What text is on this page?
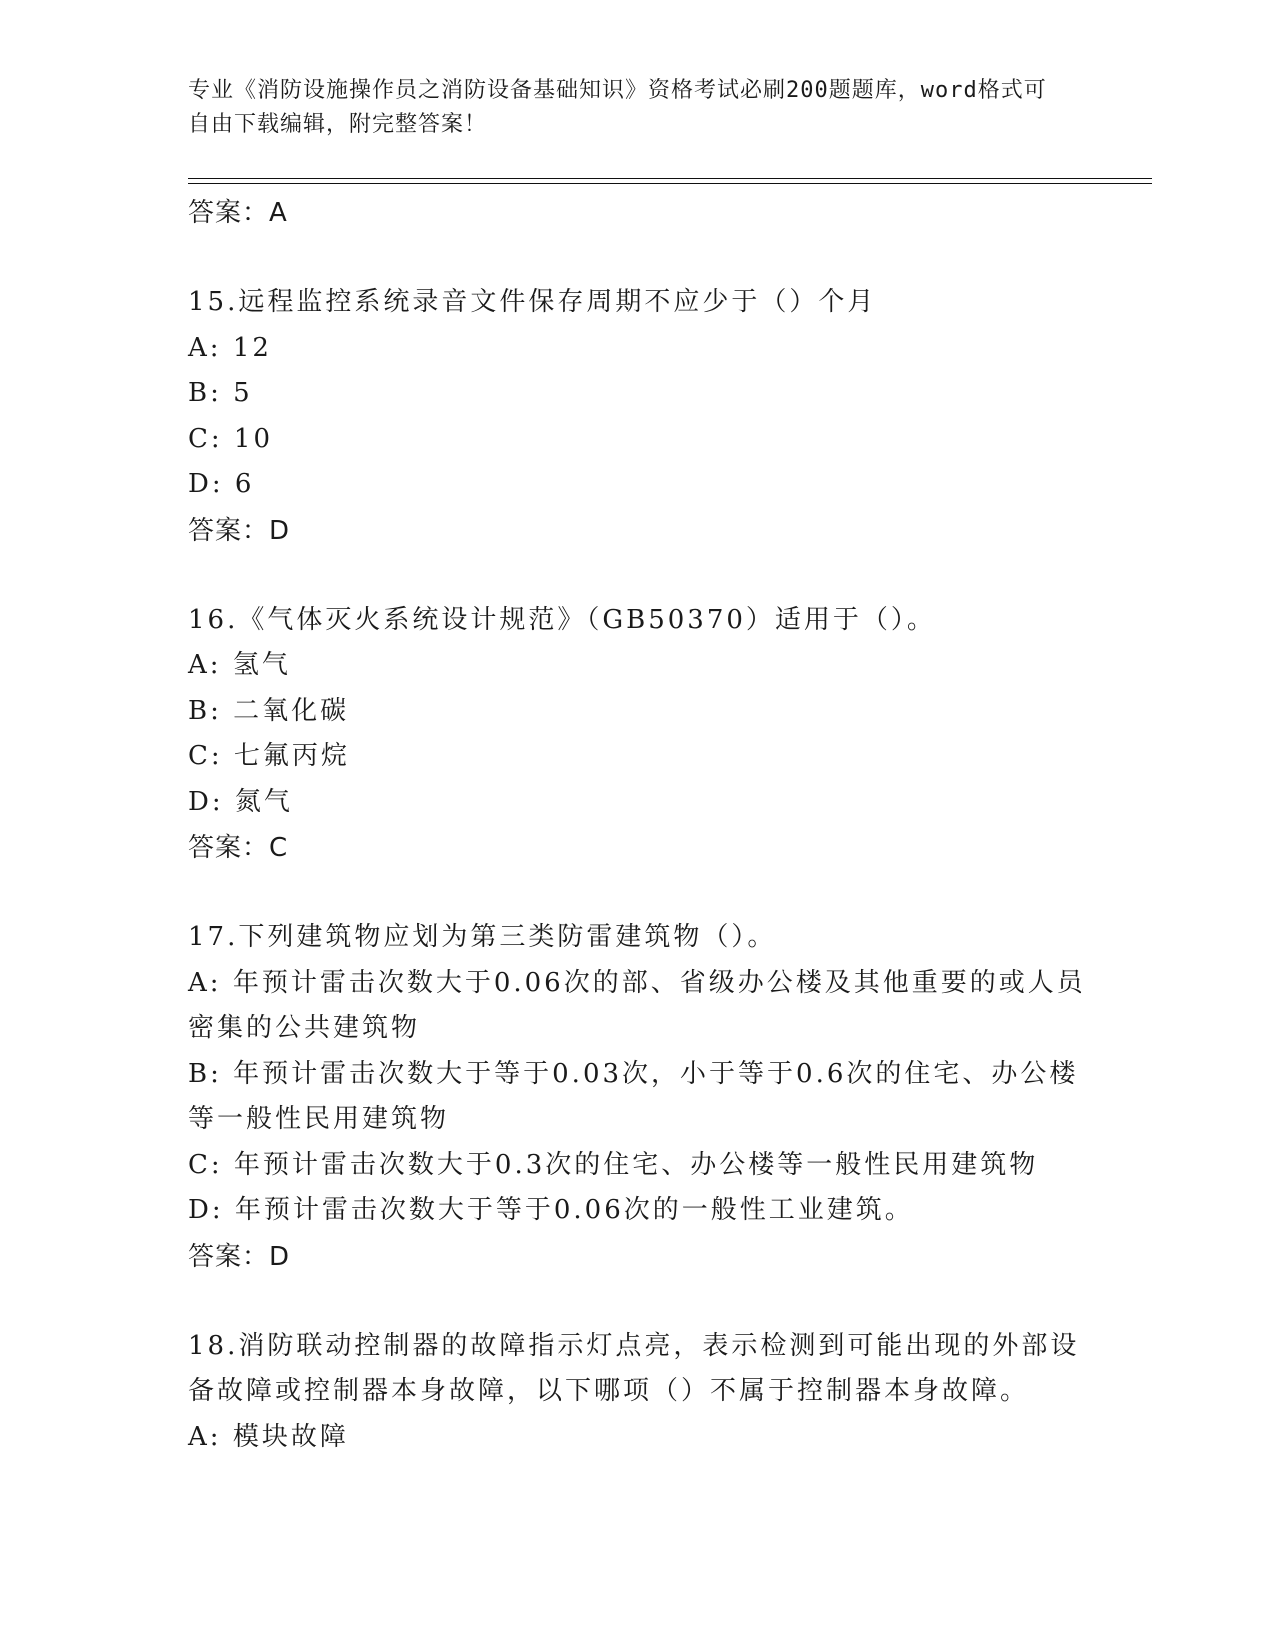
专业《消防设施操作员之消防设备基础知识》资格考试必刷200题题库，word格式可自由下载编辑，附完整答案！
答案：A
15.远程监控系统录音文件保存周期不应少于（）个月
A: 12
B: 5
C: 10
D: 6
答案：D
16.《气体灭火系统设计规范》（GB50370）适用于（）。
A: 氢气
B: 二氧化碳
C: 七氟丙烷
D: 氮气
答案：C
17.下列建筑物应划为第三类防雷建筑物（）。
A: 年预计雷击次数大于0.06次的部、省级办公楼及其他重要的或人员密集的公共建筑物
B: 年预计雷击次数大于等于0.03次，小于等于0.6次的住宅、办公楼等一般性民用建筑物
C: 年预计雷击次数大于0.3次的住宅、办公楼等一般性民用建筑物
D: 年预计雷击次数大于等于0.06次的一般性工业建筑。
答案：D
18.消防联动控制器的故障指示灯点亮，表示检测到可能出现的外部设备故障或控制器本身故障，以下哪项（）不属于控制器本身故障。
A: 模块故障
